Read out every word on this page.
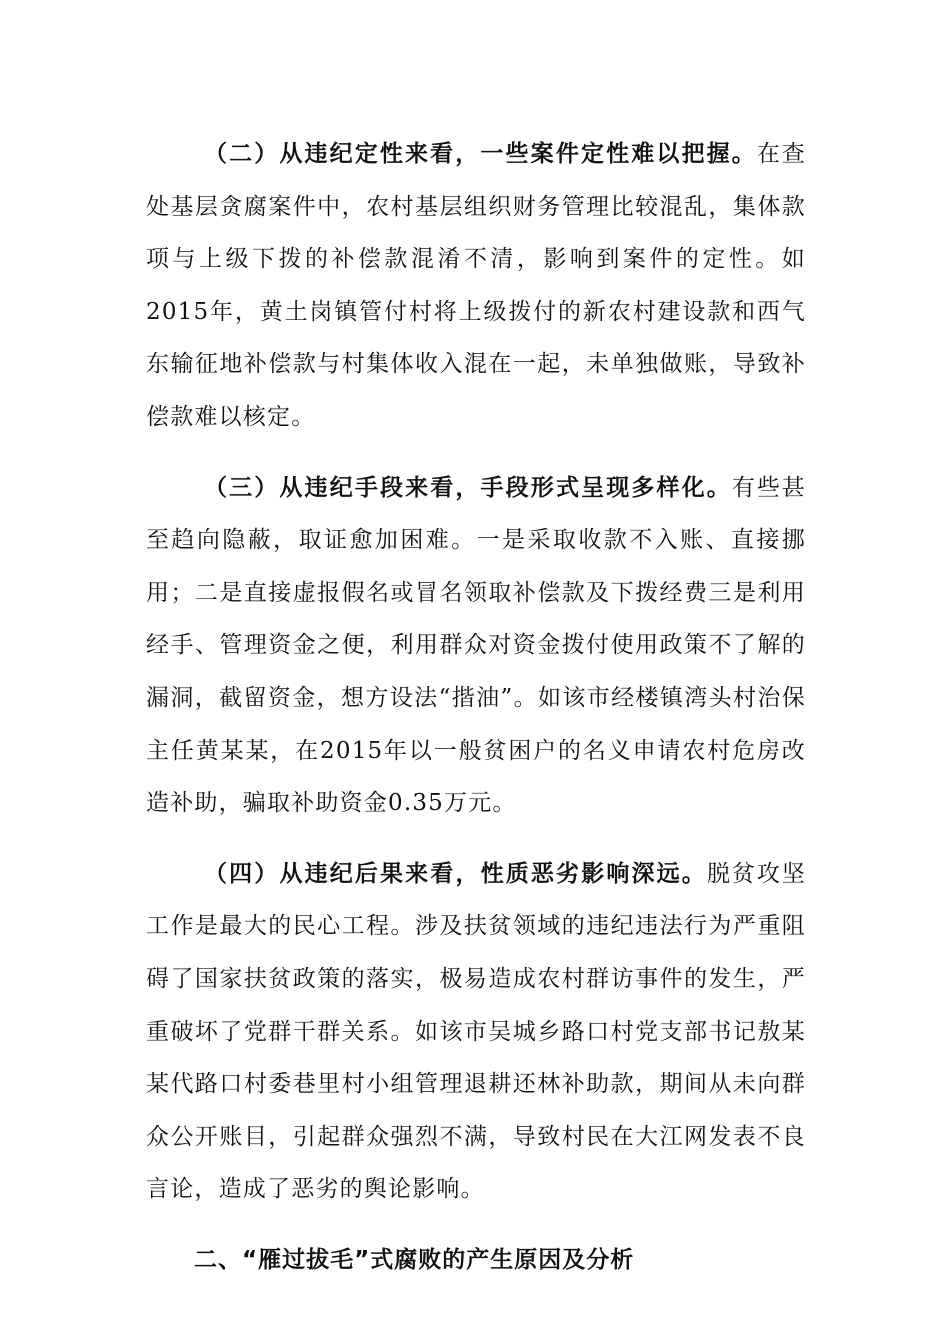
（二）从违纪定性来看，一些案件定性难以把握。在查处基层贪腐案件中，农村基层组织财务管理比较混乱，集体款项与上级下拨的补偿款混淆不清，影响到案件的定性。如2015年，黄土岗镇管付村将上级拨付的新农村建设款和西气东输征地补偿款与村集体收入混在一起，未单独做账，导致补偿款难以核定。

（三）从违纪手段来看，手段形式呈现多样化。有些甚至趋向隐蔽，取证愈加困难。一是采取收款不入账、直接挪用；二是直接虚报假名或冒名领取补偿款及下拨经费三是利用经手、管理资金之便，利用群众对资金拨付使用政策不了解的漏洞，截留资金，想方设法“揩油”。如该市经楼镇湾头村治保主任黄某某，在2015年以一般贫困户的名义申请农村危房改造补助，骗取补助资金0.35万元。

（四）从违纪后果来看，性质恶劣影响深远。脱贫攻坚工作是最大的民心工程。涉及扶贫领域的违纪违法行为严重阻碍了国家扶贫政策的落实，极易造成农村群访事件的发生，严重破坏了党群干群关系。如该市吴城乡路口村党支部书记敖某某代路口村委巷里村小组管理退耕还林补助款，期间从未向群众公开账目，引起群众强烈不满，导致村民在大江网发表不良言论，造成了恶劣的舆论影响。

二、“雁过拔毛”式腐败的产生原因及分析
